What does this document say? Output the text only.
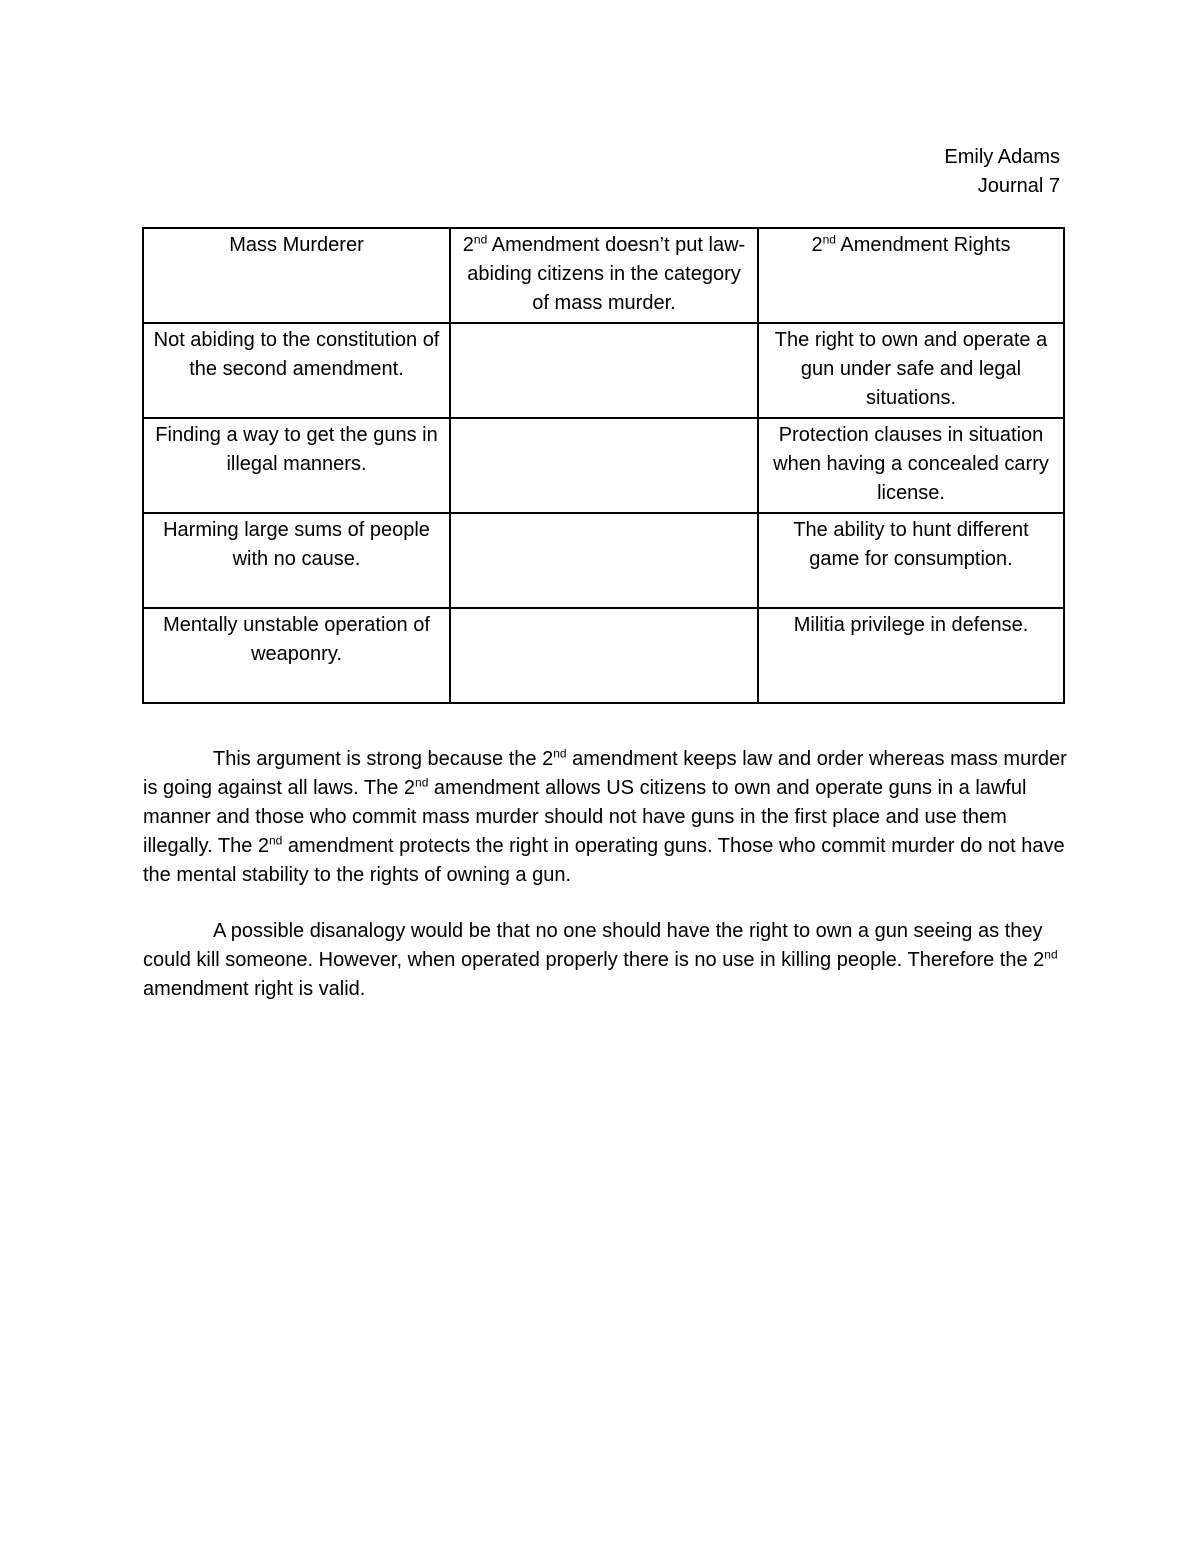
Emily Adams
Journal 7
Mass Murderer	2nd Amendment doesn’t put law-abiding citizens in the category of mass murder.	2nd Amendment Rights
Not abiding to the constitution of the second amendment.		The right to own and operate a gun under safe and legal situations.
Finding a way to get the guns in illegal manners.		Protection clauses in situation when having a concealed carry license.
Harming large sums of people with no cause.		The ability to hunt different game for consumption.
Mentally unstable operation of weaponry.		Militia privilege in defense.

This argument is strong because the 2nd amendment keeps law and order whereas mass murder is going against all laws. The 2nd amendment allows US citizens to own and operate guns in a lawful manner and those who commit mass murder should not have guns in the first place and use them illegally. The 2nd amendment protects the right in operating guns. Those who commit murder do not have the mental stability to the rights of owning a gun.

A possible disanalogy would be that no one should have the right to own a gun seeing as they could kill someone. However, when operated properly there is no use in killing people. Therefore the 2nd amendment right is valid.
